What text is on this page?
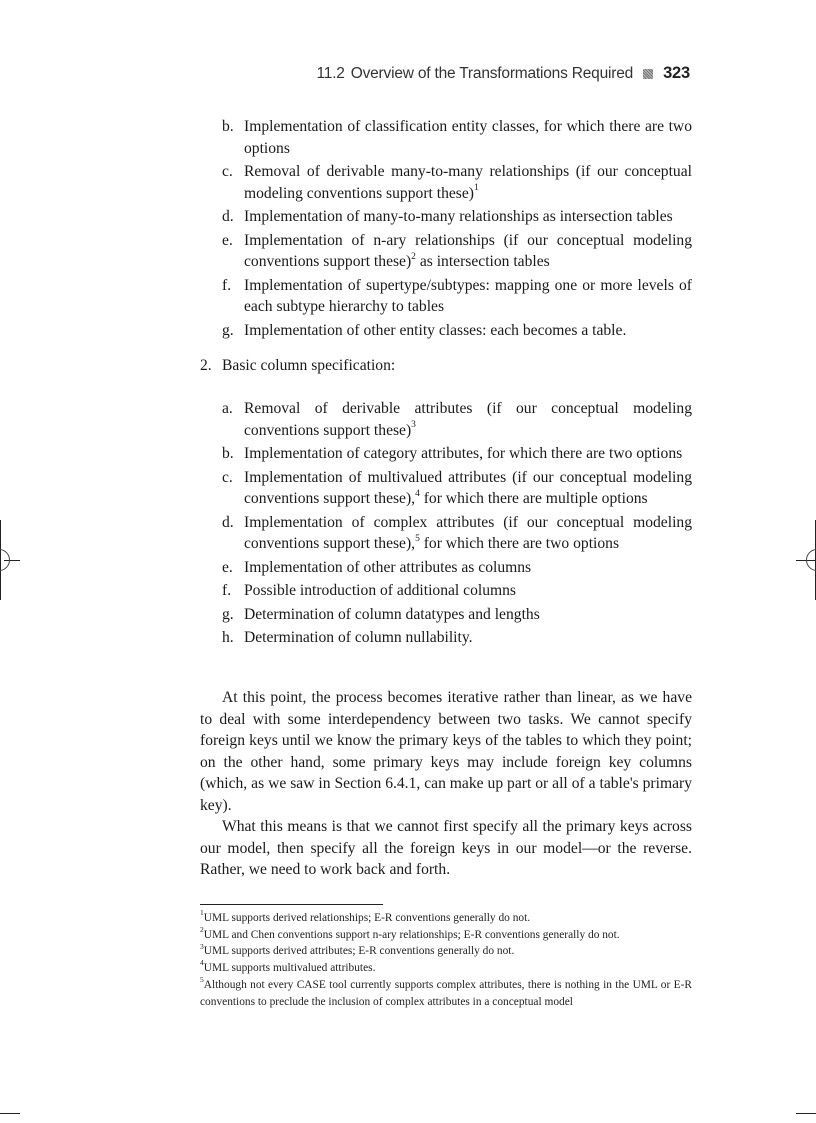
11.2 Overview of the Transformations Required 323
b. Implementation of classification entity classes, for which there are two options
c. Removal of derivable many-to-many relationships (if our conceptual modeling conventions support these)$^1$
d. Implementation of many-to-many relationships as intersection tables
e. Implementation of n-ary relationships (if our conceptual modeling conventions support these)$^2$ as intersection tables
f. Implementation of supertype/subtypes: mapping one or more levels of each subtype hierarchy to tables
g. Implementation of other entity classes: each becomes a table.
2. Basic column specification:
a. Removal of derivable attributes (if our conceptual modeling conventions support these)$^3$
b. Implementation of category attributes, for which there are two options
c. Implementation of multivalued attributes (if our conceptual modeling conventions support these),$^4$ for which there are multiple options
d. Implementation of complex attributes (if our conceptual modeling conventions support these),$^5$ for which there are two options
e. Implementation of other attributes as columns
f. Possible introduction of additional columns
g. Determination of column datatypes and lengths
h. Determination of column nullability.

At this point, the process becomes iterative rather than linear, as we have to deal with some interdependency between two tasks. We cannot specify foreign keys until we know the primary keys of the tables to which they point; on the other hand, some primary keys may include foreign key columns (which, as we saw in Section 6.4.1, can make up part or all of a table's primary key).

What this means is that we cannot first specify all the primary keys across our model, then specify all the foreign keys in our model—or the reverse. Rather, we need to work back and forth.

$^1$UML supports derived relationships; E-R conventions generally do not.

$^2$UML and Chen conventions support n-ary relationships; E-R conventions generally do not.

$^3$UML supports derived attributes; E-R conventions generally do not.

$^4$UML supports multivalued attributes.

$^5$Although not every CASE tool currently supports complex attributes, there is nothing in the UML or E-R conventions to preclude the inclusion of complex attributes in a conceptual model
